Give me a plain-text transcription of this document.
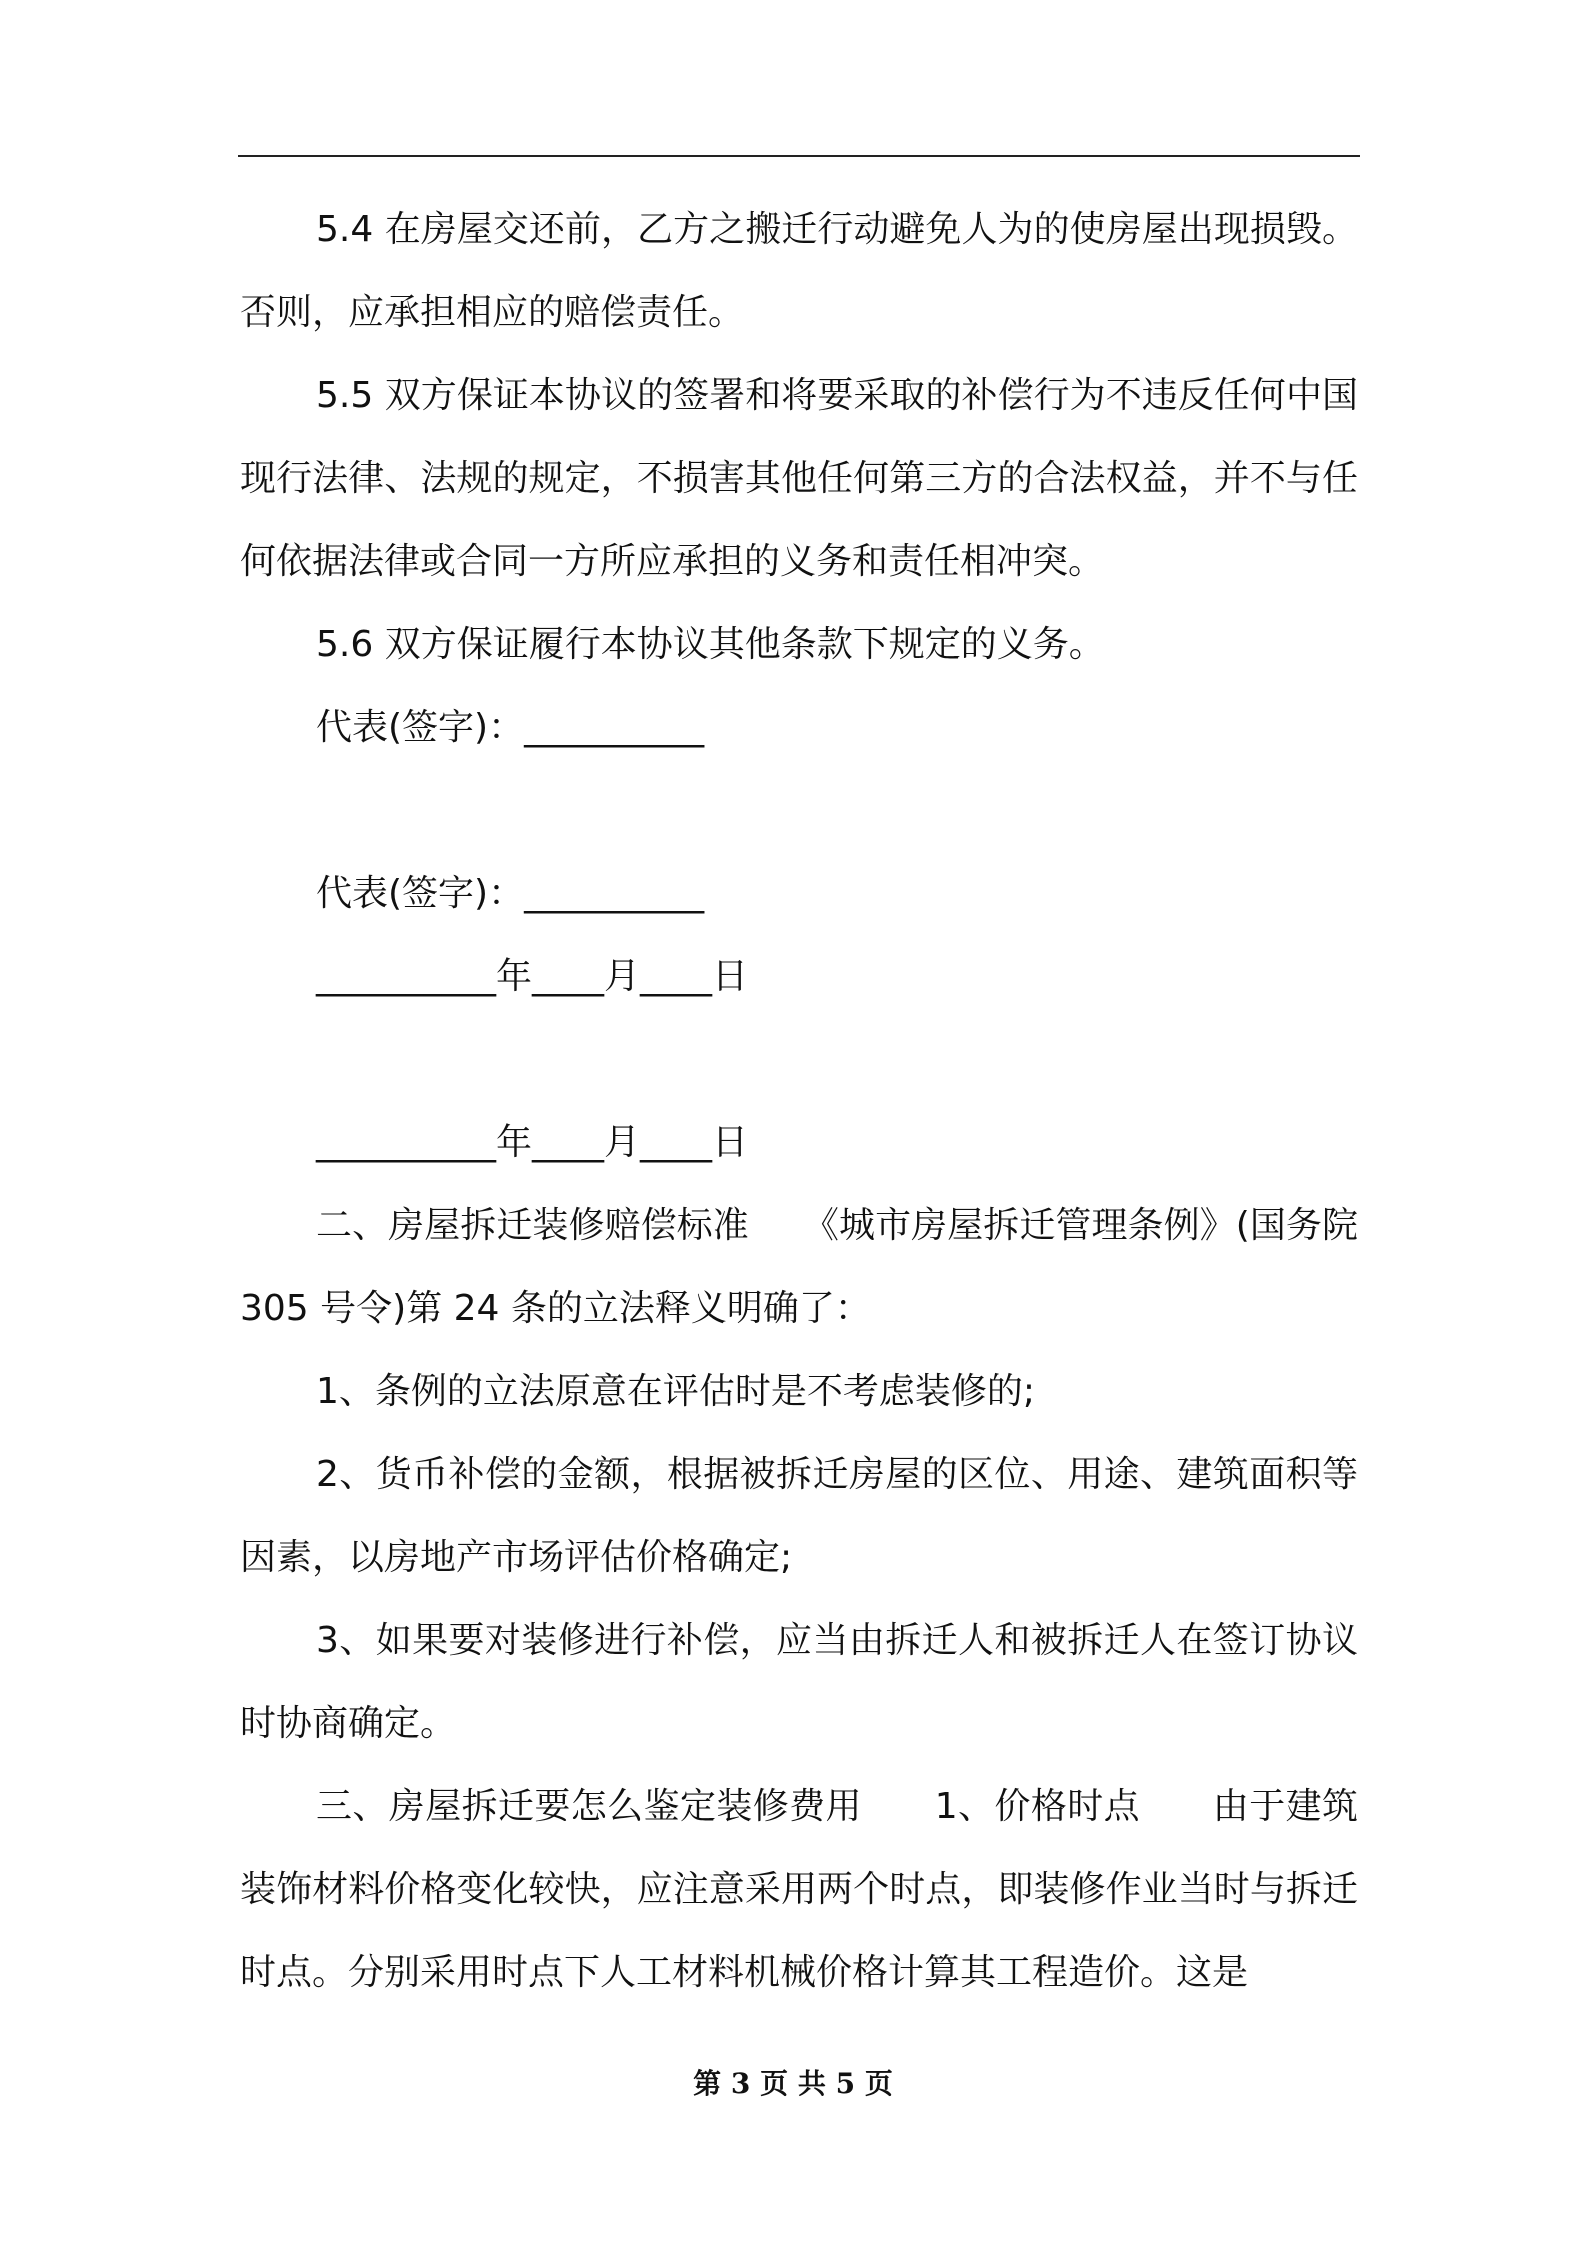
5.4 在房屋交还前，乙方之搬迁行动避免人为的使房屋出现损毁。否则，应承担相应的赔偿责任。

5.5 双方保证本协议的签署和将要采取的补偿行为不违反任何中国现行法律、法规的规定，不损害其他任何第三方的合法权益，并不与任何依据法律或合同一方所应承担的义务和责任相冲突。

5.6 双方保证履行本协议其他条款下规定的义务。

代表(签字)：__________

代表(签字)：__________

__________年____月____日

__________年____月____日

二、房屋拆迁装修赔偿标准　　《城市房屋拆迁管理条例》(国务院 305 号令)第 24 条的立法释义明确了：

1、条例的立法原意在评估时是不考虑装修的;

2、货币补偿的金额，根据被拆迁房屋的区位、用途、建筑面积等因素，以房地产市场评估价格确定;

3、如果要对装修进行补偿，应当由拆迁人和被拆迁人在签订协议时协商确定。

三、房屋拆迁要怎么鉴定装修费用　　1、价格时点　　由于建筑装饰材料价格变化较快，应注意采用两个时点，即装修作业当时与拆迁时点。分别采用时点下人工材料机械价格计算其工程造价。这是

第 3 页 共 5 页
